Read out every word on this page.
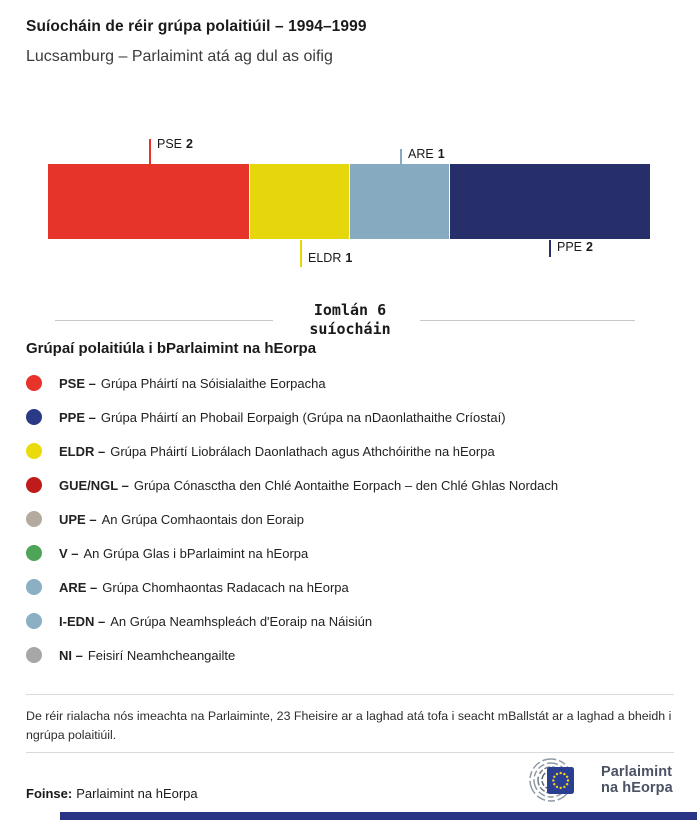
Suíocháin de réir grúpa polaitiúil – 1994–1999
Lucsamburg – Parlaimint atá ag dul as oifig
PSE 2
ARE 1
ELDR 1
PPE 2
Iomlán 6
suíocháin
Grúpaí polaitiúla i bParlaimint na hEorpa
PSE – Grúpa Pháirtí na Sóisialaithe Eorpacha
PPE – Grúpa Pháirtí an Phobail Eorpaigh (Grúpa na nDaonlathaithe Críostaí)
ELDR – Grúpa Pháirtí Liobrálach Daonlathach agus Athchóirithe na hEorpa
GUE/NGL – Grúpa Cónasctha den Chlé Aontaithe Eorpach – den Chlé Ghlas Nordach
UPE – An Grúpa Comhaontais don Eoraip
V – An Grúpa Glas i bParlaimint na hEorpa
ARE – Grúpa Chomhaontas Radacach na hEorpa
I-EDN – An Grúpa Neamhspleách d'Eoraip na Náisiún
NI – Feisirí Neamhcheangailte
De réir rialacha nós imeachta na Parlaiminte, 23 Fheisire ar a laghad atá tofa i seacht mBallstát ar a laghad a bheidh i ngrúpa polaitiúil.
Foinse: Parlaimint na hEorpa
Parlaimint
na hEorpa
